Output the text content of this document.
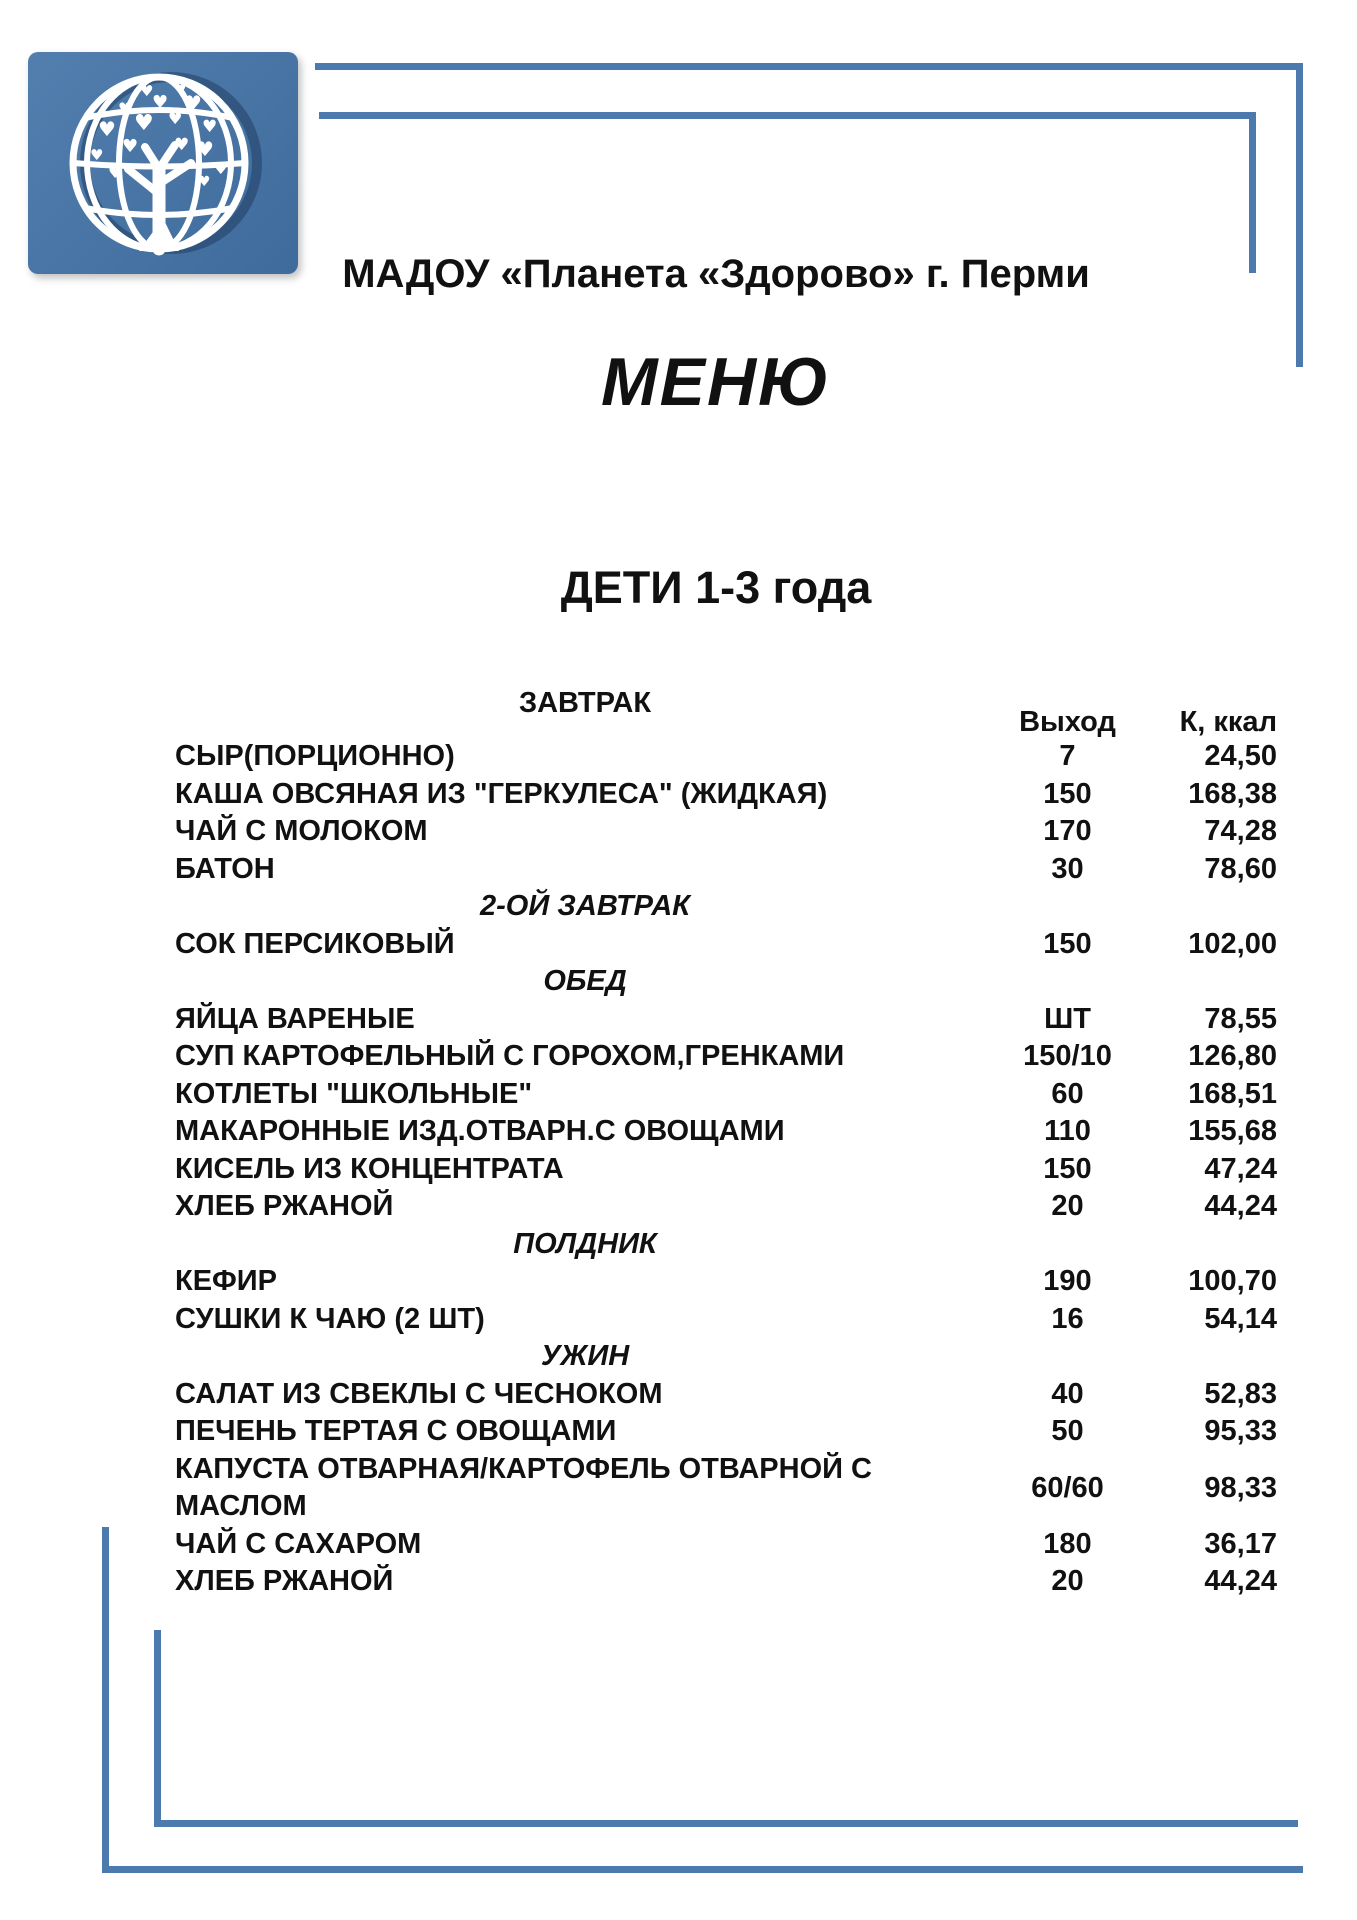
♥
♥
♥
♥
♥
♥
♥
♥ ♥ ♥ ♥
♥
♥ ♥
♥	♥
МАДОУ «Планета «Здорово» г. Перми
МЕНЮ
ДЕТИ 1-3 года
Выход	К, ккал
ЗАВТРАК
СЫР(ПОРЦИОННО)	7	24,50
КАША ОВСЯНАЯ ИЗ "ГЕРКУЛЕСА" (ЖИДКАЯ)	150	168,38
ЧАЙ С МОЛОКОМ	170	74,28
БАТОН	30	78,60
2-ОЙ ЗАВТРАК
СОК ПЕРСИКОВЫЙ	150	102,00
ОБЕД
ЯЙЦА ВАРЕНЫЕ	ШТ	78,55
СУП КАРТОФЕЛЬНЫЙ С ГОРОХОМ,ГРЕНКАМИ	150/10	126,80
КОТЛЕТЫ "ШКОЛЬНЫЕ"	60	168,51
МАКАРОННЫЕ ИЗД.ОТВАРН.С ОВОЩАМИ	110	155,68
КИСЕЛЬ ИЗ КОНЦЕНТРАТА	150	47,24
ХЛЕБ РЖАНОЙ	20	44,24
ПОЛДНИК
КЕФИР	190	100,70
СУШКИ К ЧАЮ (2 ШТ)	16	54,14
УЖИН
САЛАТ ИЗ СВЕКЛЫ С ЧЕСНОКОМ	40	52,83
ПЕЧЕНЬ ТЕРТАЯ С ОВОЩАМИ	50	95,33
КАПУСТА ОТВАРНАЯ/КАРТОФЕЛЬ ОТВАРНОЙ С
МАСЛОМ
60/60	98,33
ЧАЙ С САХАРОМ	180	36,17
ХЛЕБ РЖАНОЙ	20	44,24
